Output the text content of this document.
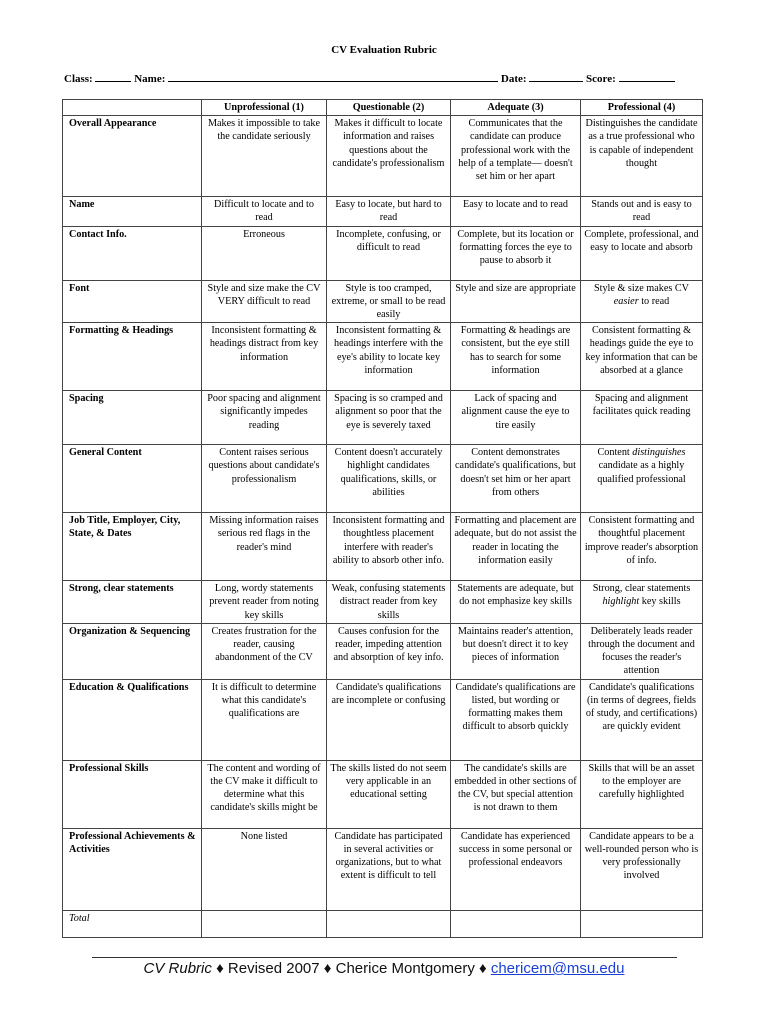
CV Evaluation Rubric
Class:	Name:	Date:	Score:
	Unprofessional (1)	Questionable (2)	Adequate (3)	Professional (4)
Overall Appearance	Makes it impossible to take the candidate seriously	Makes it difficult to locate information and raises questions about the candidate's professionalism	Communicates that the candidate can produce professional work with the help of a template— doesn't set him or her apart	Distinguishes the candidate as a true professional who is capable of independent thought
Name	Difficult to locate and to read	Easy to locate, but hard to read	Easy to locate and to read	Stands out and is easy to read
Contact Info.	Erroneous	Incomplete, confusing, or difficult to read	Complete, but its location or formatting forces the eye to pause to absorb it	Complete, professional, and easy to locate and absorb
Font	Style and size make the CV VERY difficult to read	Style is too cramped, extreme, or small to be read easily	Style and size are appropriate	Style & size makes CV easier to read
Formatting & Headings	Inconsistent formatting & headings distract from key information	Inconsistent formatting & headings interfere with the eye's ability to locate key information	Formatting & headings are consistent, but the eye still has to search for some information	Consistent formatting & headings guide the eye to key information that can be absorbed at a glance
Spacing	Poor spacing and alignment significantly impedes reading	Spacing is so cramped and alignment so poor that the eye is severely taxed	Lack of spacing and alignment cause the eye to tire easily	Spacing and alignment facilitates quick reading
General Content	Content raises serious questions about candidate's professionalism	Content doesn't accurately highlight candidates qualifications, skills, or abilities	Content demonstrates candidate's qualifications, but doesn't set him or her apart from others	Content distinguishes candidate as a highly qualified professional
Job Title, Employer, City, State, & Dates	Missing information raises serious red flags in the reader's mind	Inconsistent formatting and thoughtless placement interfere with reader's ability to absorb other info.	Formatting and placement are adequate, but do not assist the reader in locating the information easily	Consistent formatting and thoughtful placement improve reader's absorption of info.
Strong, clear statements	Long, wordy statements prevent reader from noting key skills	Weak, confusing statements distract reader from key skills	Statements are adequate, but do not emphasize key skills	Strong, clear statements highlight key skills
Organization & Sequencing	Creates frustration for the reader, causing abandonment of the CV	Causes confusion for the reader, impeding attention and absorption of key info.	Maintains reader's attention, but doesn't direct it to key pieces of information	Deliberately leads reader through the document and focuses the reader's attention
Education & Qualifications	It is difficult to determine what this candidate's qualifications are	Candidate's qualifications are incomplete or confusing	Candidate's qualifications are listed, but wording or formatting makes them difficult to absorb quickly	Candidate's qualifications (in terms of degrees, fields of study, and certifications) are quickly evident
Professional Skills	The content and wording of the CV make it difficult to determine what this candidate's skills might be	The skills listed do not seem very applicable in an educational setting	The candidate's skills are embedded in other sections of the CV, but special attention is not drawn to them	Skills that will be an asset to the employer are carefully highlighted
Professional Achievements & Activities	None listed	Candidate has participated in several activities or organizations, but to what extent is difficult to tell	Candidate has experienced success in some personal or professional endeavors	Candidate appears to be a well-rounded person who is very professionally involved
Total				
CV Rubric ♦ Revised 2007 ♦ Cherice Montgomery ♦ chericem@msu.edu
